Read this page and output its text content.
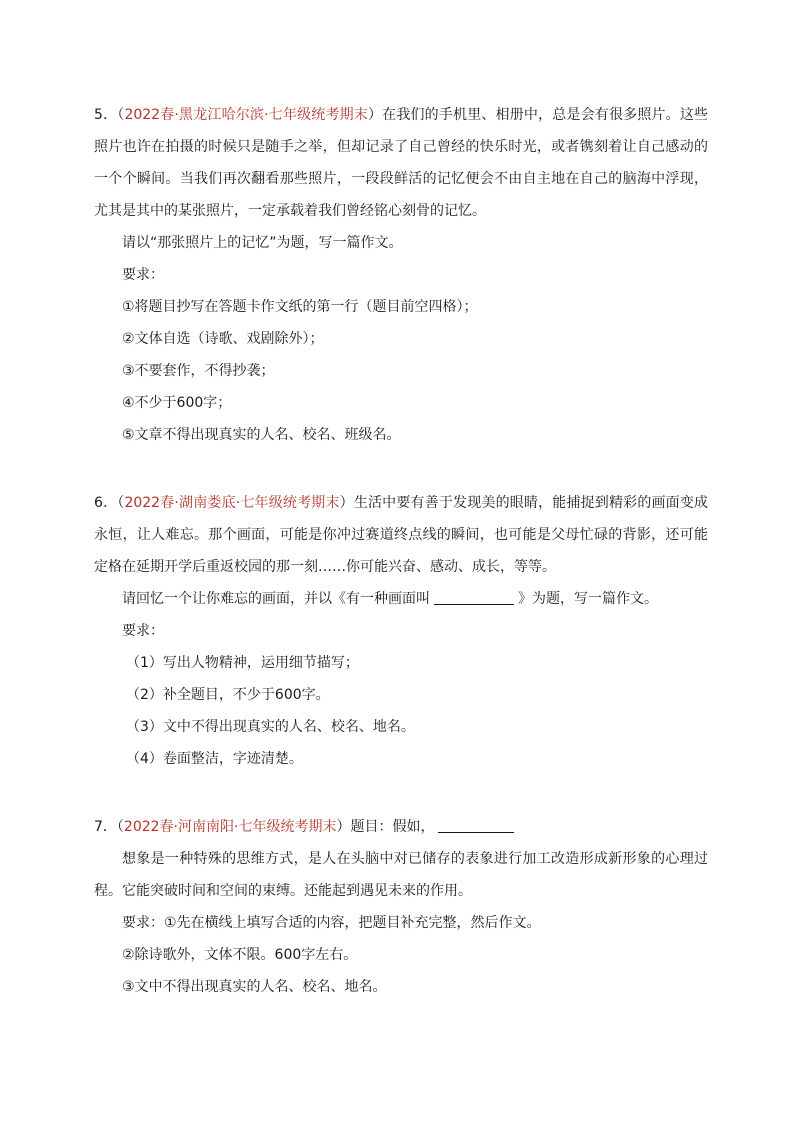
5．（2022春·黑龙江哈尔滨·七年级统考期末）在我们的手机里、相册中，总是会有很多照片。这些照片也许在拍摄的时候只是随手之举，但却记录了自己曾经的快乐时光，或者镌刻着让自己感动的一个个瞬间。当我们再次翻看那些照片，一段段鲜活的记忆便会不由自主地在自己的脑海中浮现，尤其是其中的某张照片，一定承载着我们曾经铭心刻骨的记忆。

请以“那张照片上的记忆”为题，写一篇作文。

要求：

①将题目抄写在答题卡作文纸的第一行（题目前空四格）；

②文体自选（诗歌、戏剧除外）；

③不要套作，不得抄袭；

④不少于600字；

⑤文章不得出现真实的人名、校名、班级名。

6．（2022春·湖南娄底·七年级统考期末）生活中要有善于发现美的眼睛，能捕捉到精彩的画面变成永恒，让人难忘。那个画面，可能是你冲过赛道终点线的瞬间，也可能是父母忙碌的背影，还可能定格在延期开学后重返校园的那一刻……你可能兴奋、感动、成长，等等。

请回忆一个让你难忘的画面，并以《有一种画面叫	》为题，写一篇作文。

要求：

（1）写出人物精神，运用细节描写；

（2）补全题目，不少于600字。

（3）文中不得出现真实的人名、校名、地名。

（4）卷面整洁，字迹清楚。

7．（2022春·河南南阳·七年级统考期末）题目：假如，

想象是一种特殊的思维方式，是人在头脑中对已储存的表象进行加工改造形成新形象的心理过程。它能突破时间和空间的束缚。还能起到遇见未来的作用。

要求：①先在横线上填写合适的内容，把题目补充完整，然后作文。

②除诗歌外，文体不限。600字左右。

③文中不得出现真实的人名、校名、地名。
